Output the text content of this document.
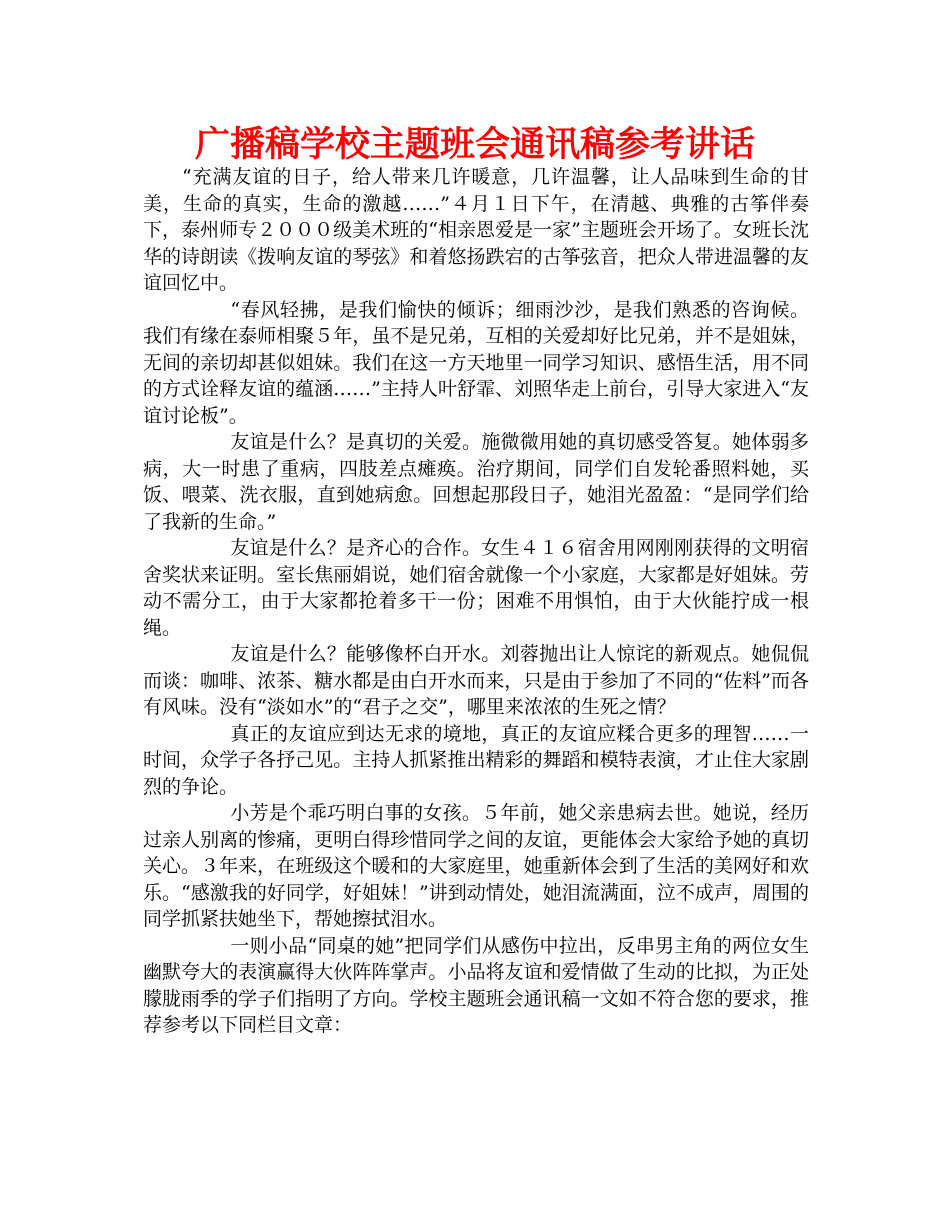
广播稿学校主题班会通讯稿参考讲话

“充满友谊的日子，给人带来几许暖意，几许温馨，让人品味到生命的甘美，生命的真实，生命的激越……”４月１日下午，在清越、典雅的古筝伴奏下，泰州师专２０００级美术班的“相亲恩爱是一家”主题班会开场了。女班长沈华的诗朗读《拨响友谊的琴弦》和着悠扬跌宕的古筝弦音，把众人带进温馨的友谊回忆中。

“春风轻拂，是我们愉快的倾诉；细雨沙沙，是我们熟悉的咨询候。我们有缘在泰师相聚５年，虽不是兄弟，互相的关爱却好比兄弟，并不是姐妹，无间的亲切却甚似姐妹。我们在这一方天地里一同学习知识、感悟生活，用不同的方式诠释友谊的蕴涵……”主持人叶舒霏、刘照华走上前台，引导大家进入“友谊讨论板”。

友谊是什么？是真切的关爱。施微微用她的真切感受答复。她体弱多病，大一时患了重病，四肢差点瘫痪。治疗期间，同学们自发轮番照料她，买饭、喂菜、洗衣服，直到她病愈。回想起那段日子，她泪光盈盈：“是同学们给了我新的生命。”

友谊是什么？是齐心的合作。女生４１６宿舍用网刚刚获得的文明宿舍奖状来证明。室长焦丽娟说，她们宿舍就像一个小家庭，大家都是好姐妹。劳动不需分工，由于大家都抢着多干一份；困难不用惧怕，由于大伙能拧成一根绳。

友谊是什么？能够像杯白开水。刘蓉抛出让人惊诧的新观点。她侃侃而谈：咖啡、浓茶、糖水都是由白开水而来，只是由于参加了不同的“佐料”而各有风味。没有“淡如水”的“君子之交”，哪里来浓浓的生死之情？

真正的友谊应到达无求的境地，真正的友谊应糅合更多的理智……一时间，众学子各抒己见。主持人抓紧推出精彩的舞蹈和模特表演，才止住大家剧烈的争论。

小芳是个乖巧明白事的女孩。５年前，她父亲患病去世。她说，经历过亲人别离的惨痛，更明白得珍惜同学之间的友谊，更能体会大家给予她的真切关心。３年来，在班级这个暖和的大家庭里，她重新体会到了生活的美网好和欢乐。“感激我的好同学，好姐妹！”讲到动情处，她泪流满面，泣不成声，周围的同学抓紧扶她坐下，帮她擦拭泪水。

一则小品“同桌的她”把同学们从感伤中拉出，反串男主角的两位女生幽默夸大的表演赢得大伙阵阵掌声。小品将友谊和爱情做了生动的比拟，为正处朦胧雨季的学子们指明了方向。学校主题班会通讯稿一文如不符合您的要求，推荐参考以下同栏目文章：
